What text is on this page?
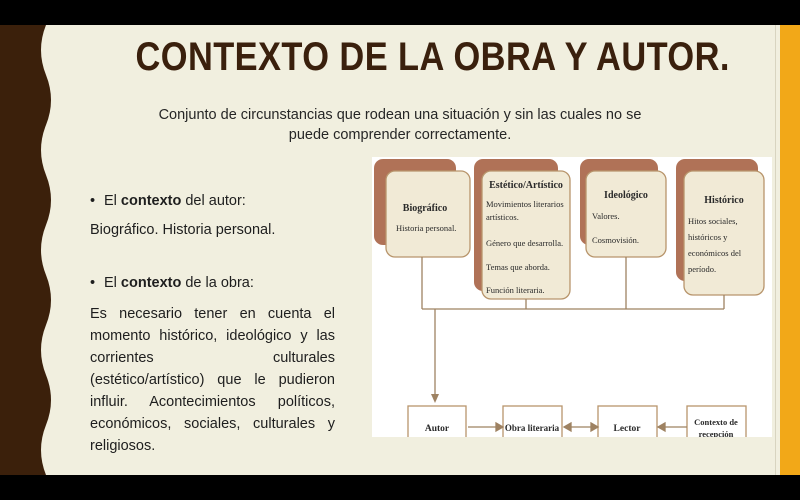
CONTEXTO DE LA OBRA Y AUTOR.
Conjunto de circunstancias que rodean una situación y sin las cuales no se
puede comprender correctamente.
• El contexto del autor:
Biográfico. Historia personal.
• El contexto de la obra:
Es necesario tener en cuenta el momento histórico, ideológico y las corrientes culturales (estético/artístico) que le pudieron influir. Acontecimientos políticos, económicos, sociales, culturales y religiosos.
Biográfico
Historia personal.
Estético/Artístico
Movimientos literarios
artísticos.
Género que desarrolla.
Temas que aborda.
Función literaria.
Ideológico
Valores.
Cosmovisión.
Histórico
Hitos sociales,
históricos y
económicos del
período.
Autor	Obra literaria	Lector
Contexto de
recepción
